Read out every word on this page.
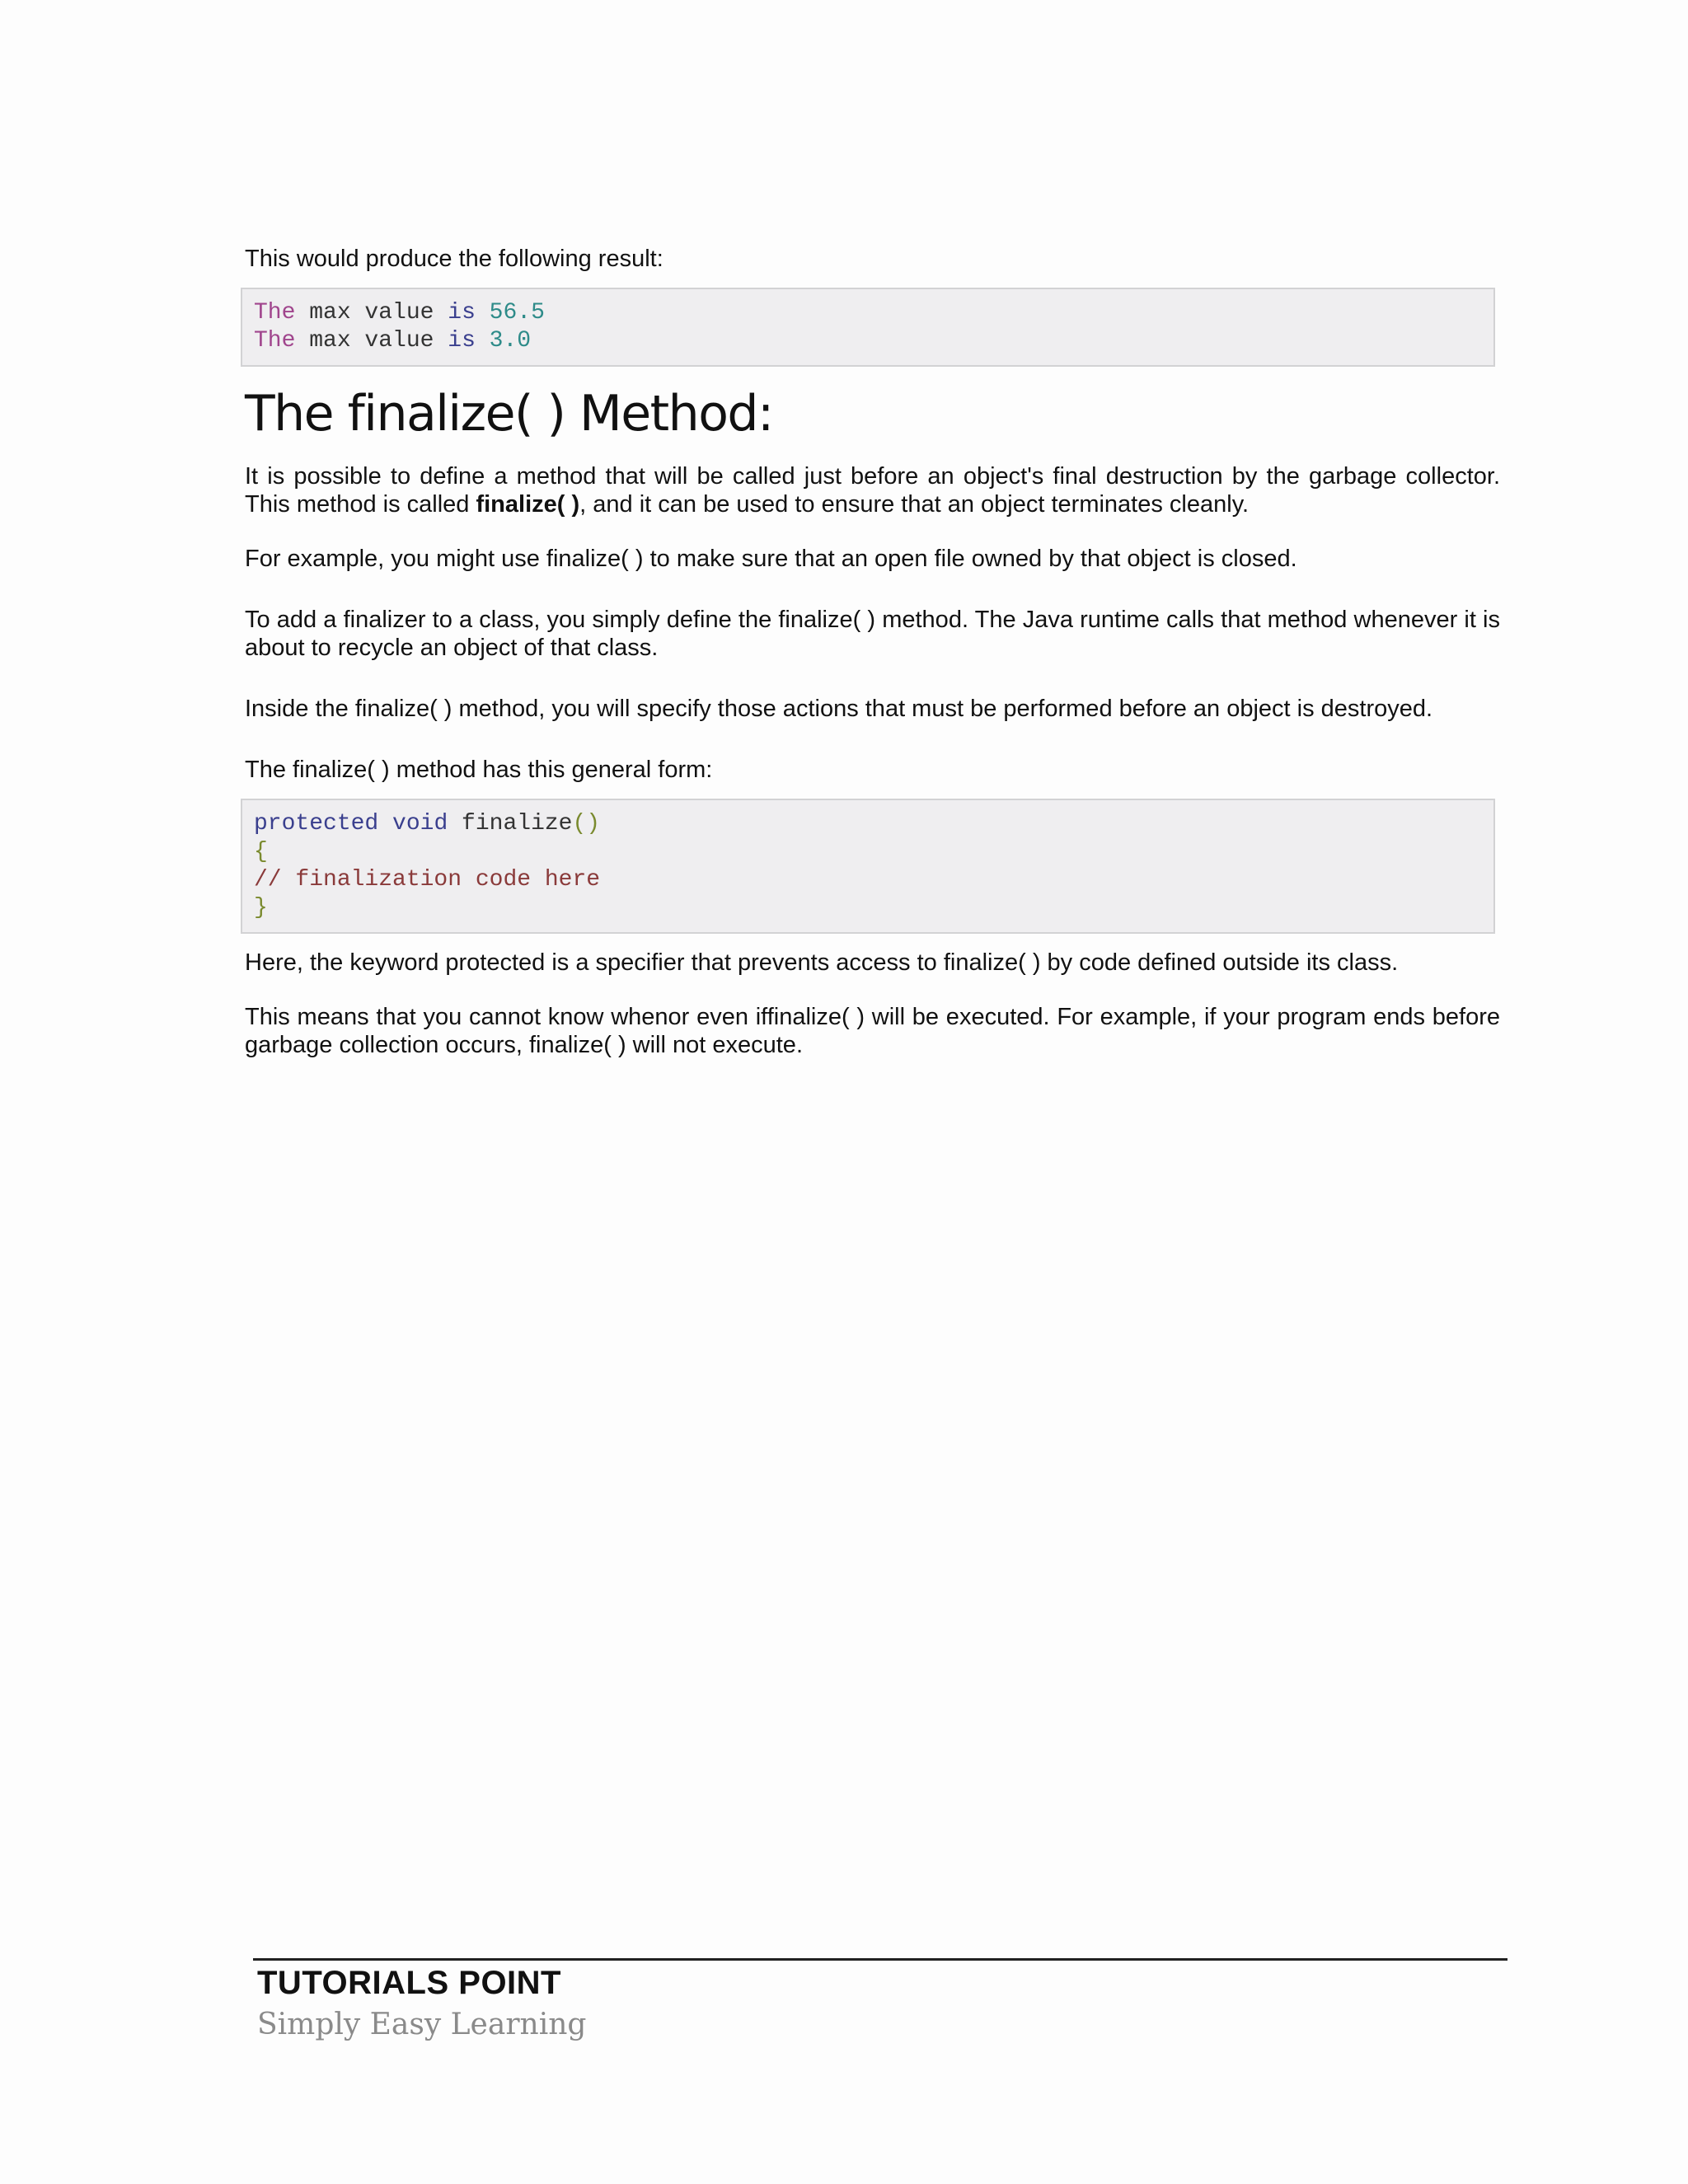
This would produce the following result:

The max value is 56.5
The max value is 3.0
The finalize( ) Method:

It is possible to define a method that will be called just before an object's final destruction by the garbage collector. This method is called finalize( ), and it can be used to ensure that an object terminates cleanly.

For example, you might use finalize( ) to make sure that an open file owned by that object is closed.

To add a finalizer to a class, you simply define the finalize( ) method. The Java runtime calls that method whenever it is about to recycle an object of that class.

Inside the finalize( ) method, you will specify those actions that must be performed before an object is destroyed.

The finalize( ) method has this general form:

protected void finalize()
{
// finalization code here
}

Here, the keyword protected is a specifier that prevents access to finalize( ) by code defined outside its class.

This means that you cannot know whenor even iffinalize( ) will be executed. For example, if your program ends before garbage collection occurs, finalize( ) will not execute.

TUTORIALS POINT
Simply Easy Learning
